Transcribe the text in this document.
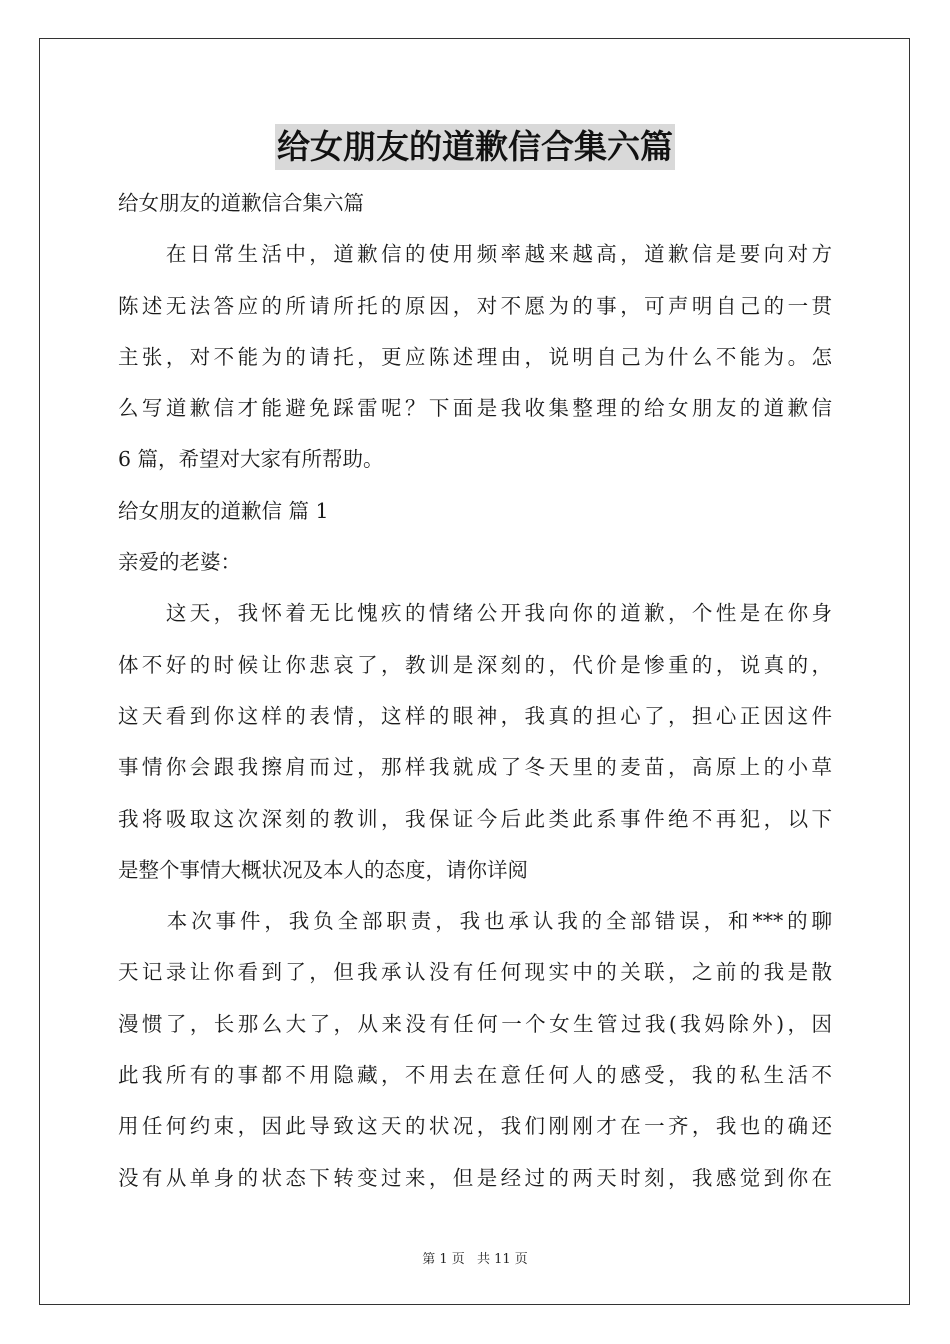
给女朋友的道歉信合集六篇
给女朋友的道歉信合集六篇
　　在日常生活中，道歉信的使用频率越来越高，道歉信是要向对方
陈述无法答应的所请所托的原因，对不愿为的事，可声明自己的一贯
主张，对不能为的请托，更应陈述理由，说明自己为什么不能为。怎
么写道歉信才能避免踩雷呢？下面是我收集整理的给女朋友的道歉信
6 篇，希望对大家有所帮助。
给女朋友的道歉信 篇 1
亲爱的老婆：
　　这天，我怀着无比愧疚的情绪公开我向你的道歉，个性是在你身
体不好的时候让你悲哀了，教训是深刻的，代价是惨重的，说真的，
这天看到你这样的表情，这样的眼神，我真的担心了，担心正因这件
事情你会跟我擦肩而过，那样我就成了冬天里的麦苗，高原上的小草
我将吸取这次深刻的教训，我保证今后此类此系事件绝不再犯，以下
是整个事情大概状况及本人的态度，请你详阅
　　本次事件，我负全部职责，我也承认我的全部错误，和***的聊
天记录让你看到了，但我承认没有任何现实中的关联，之前的我是散
漫惯了，长那么大了，从来没有任何一个女生管过我(我妈除外)，因
此我所有的事都不用隐藏，不用去在意任何人的感受，我的私生活不
用任何约束，因此导致这天的状况，我们刚刚才在一齐，我也的确还
没有从单身的状态下转变过来，但是经过的两天时刻，我感觉到你在
第 1 页 共 11 页
